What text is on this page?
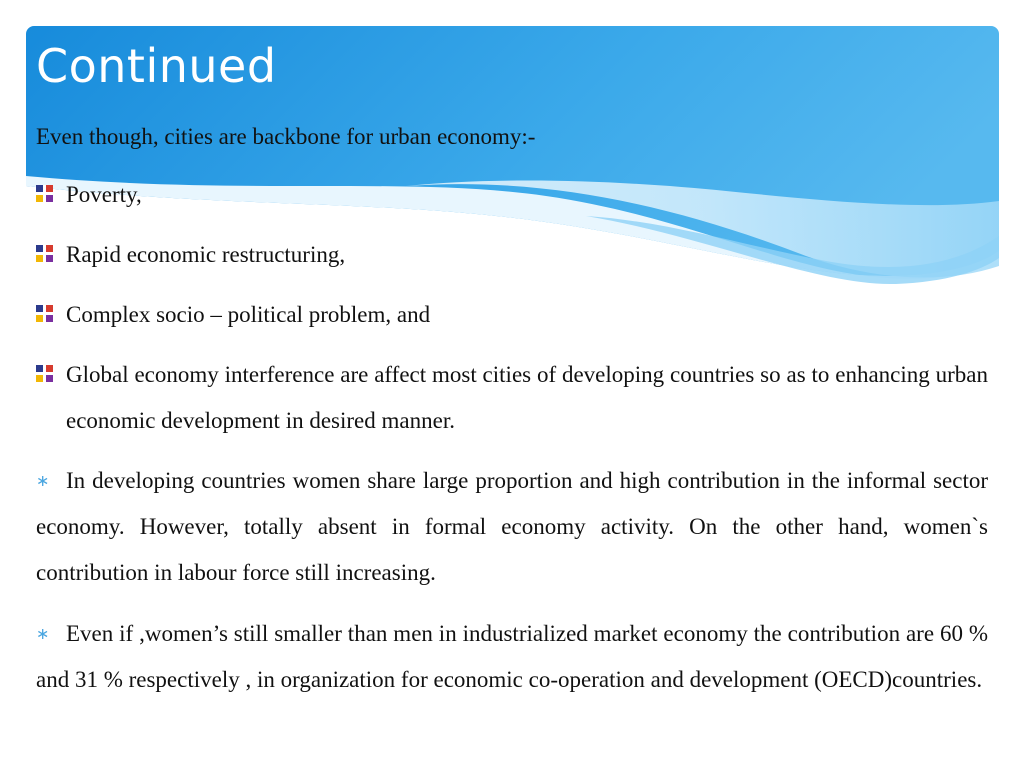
Continued
Even though, cities are backbone for urban economy:-
Poverty,
Rapid economic restructuring,
Complex socio – political problem, and
Global economy interference are affect most cities of developing countries so as to enhancing urban economic development in desired manner.
∗ In developing countries women share large proportion and high contribution in the informal sector economy. However, totally absent in formal economy activity. On the other hand, women`s contribution in labour force still increasing.
∗ Even if ,women’s still smaller than men in industrialized market economy the contribution are 60 % and 31 % respectively , in organization for economic co-operation and development (OECD)countries.
